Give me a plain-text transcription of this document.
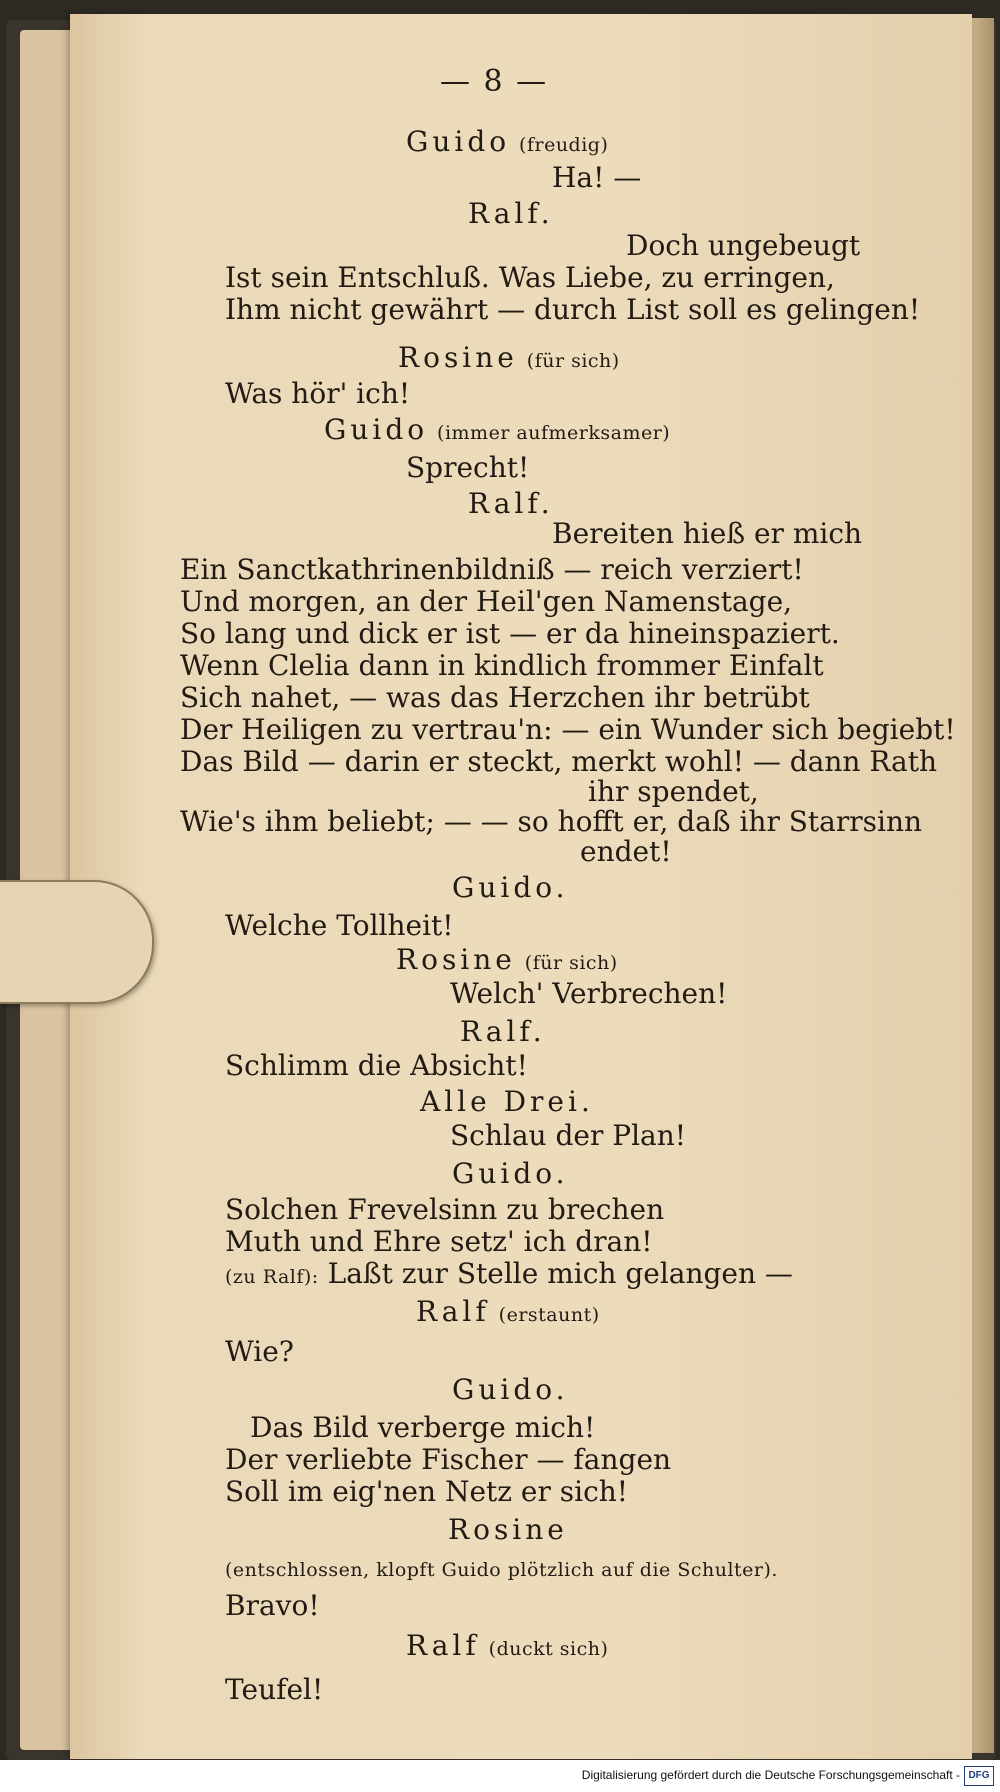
— 8 —
Guido (freudig)
Ha! —
Ralf.
Doch ungebeugt
Ist sein Entschluß. Was Liebe, zu erringen,
Ihm nicht gewährt — durch List soll es gelingen!
Rosine (für sich)
Was hör' ich!
Guido (immer aufmerksamer)
Sprecht!
Ralf.
Bereiten hieß er mich
Ein Sanctkathrinenbildniß — reich verziert!
Und morgen, an der Heil'gen Namenstage,
So lang und dick er ist — er da hineinspaziert.
Wenn Clelia dann in kindlich frommer Einfalt
Sich nahet, — was das Herzchen ihr betrübt
Der Heiligen zu vertrau'n: — ein Wunder sich begiebt!
Das Bild — darin er steckt, merkt wohl! — dann Rath
ihr spendet,
Wie's ihm beliebt; — — so hofft er, daß ihr Starrsinn
endet!
Guido.
Welche Tollheit!
Rosine (für sich)
Welch' Verbrechen!
Ralf.
Schlimm die Absicht!
Alle Drei.
Schlau der Plan!
Guido.
Solchen Frevelsinn zu brechen
Muth und Ehre setz' ich dran!
(zu Ralf): Laßt zur Stelle mich gelangen —
Ralf (erstaunt)
Wie?
Guido.
Das Bild verberge mich!
Der verliebte Fischer — fangen
Soll im eig'nen Netz er sich!
Rosine
(entschlossen, klopft Guido plötzlich auf die Schulter).
Bravo!
Ralf (duckt sich)
Teufel!
Digitalisierung gefördert durch die Deutsche Forschungsgemeinschaft - DFG
